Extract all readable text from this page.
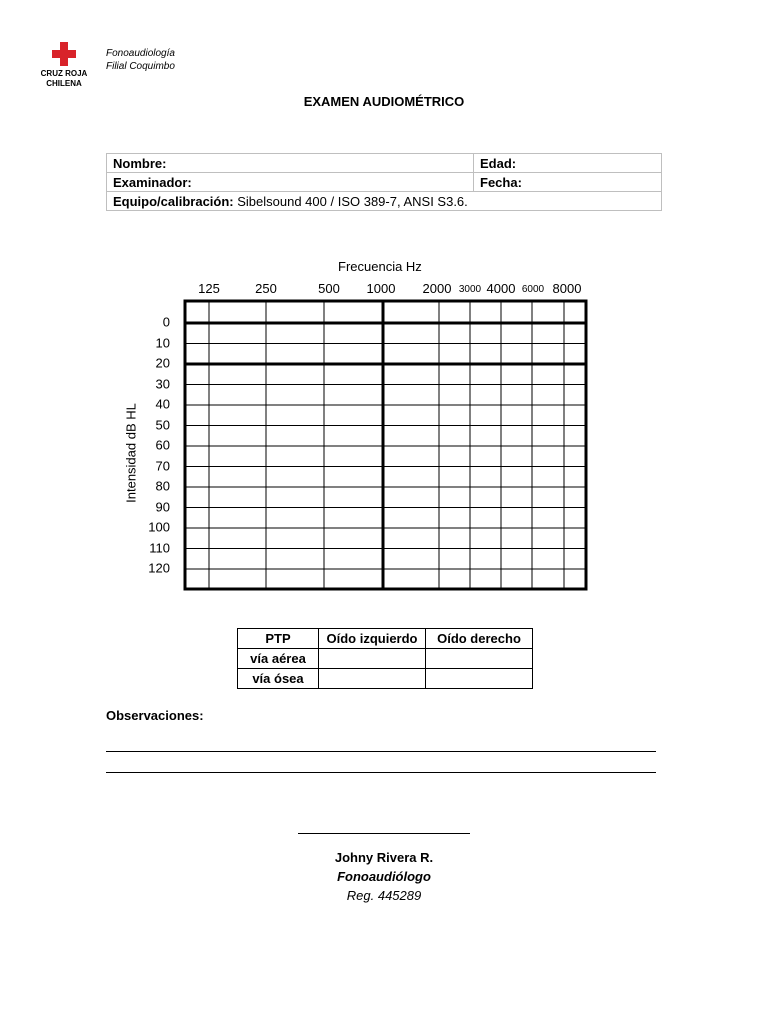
CRUZ ROJA
CHILENA
Fonoaudiología
Filial Coquimbo
EXAMEN AUDIOMÉTRICO
Nombre:	Edad:
Examinador:	Fecha:
Equipo/calibración: Sibelsound 400 / ISO 389-7, ANSI S3.6.	
Frecuencia Hz
125	250	500 1000 2000 3000 4000 6000 8000
0
10
20
30
40
50
60
70
80
90
100
110
120
Intensidad dB HL
PTP	Oído izquierdo	Oído derecho
vía aérea		
vía ósea		
Observaciones:
Johny Rivera R.
Fonoaudiólogo
Reg. 445289
